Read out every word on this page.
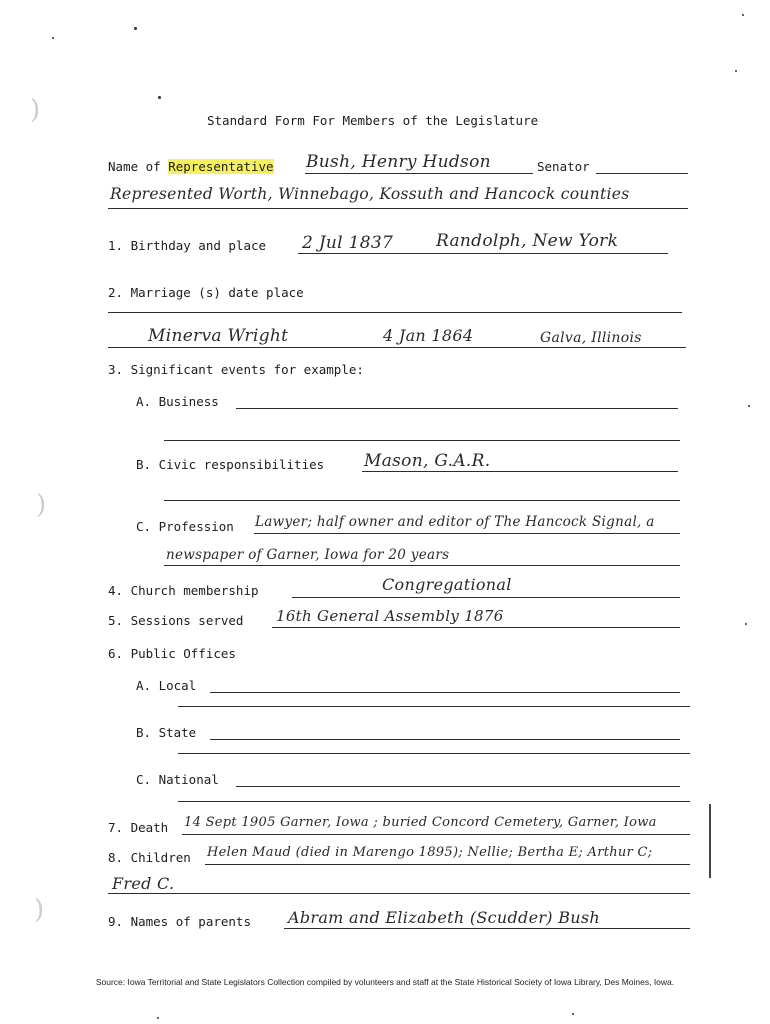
)
)
)
Standard Form For Members of the Legislature
Name of Representative Bush, Henry Hudson	Senator
Represented Worth, Winnebago, Kossuth and Hancock counties
1. Birthday and place 2 Jul 1837	Randolph, New York
2. Marriage (s) date place
Minerva Wright	4 Jan 1864	Galva, Illinois
3. Significant events for example:
A. Business
B. Civic responsibilities Mason, G.A.R.
C. Profession Lawyer; half owner and editor of The Hancock Signal, a
newspaper of Garner, Iowa for 20 years
4. Church membership	Congregational
5. Sessions served 16th General Assembly 1876
6. Public Offices
A. Local
B. State
C. National
7. Death 14 Sept 1905 Garner, Iowa ; buried Concord Cemetery, Garner, Iowa
8. Children Helen Maud (died in Marengo 1895); Nellie; Bertha E; Arthur C;
Fred C.
9. Names of parents Abram and Elizabeth (Scudder) Bush
Source: Iowa Territorial and State Legislators Collection compiled by volunteers and staff at the State Historical Society of Iowa Library, Des Moines, Iowa.
